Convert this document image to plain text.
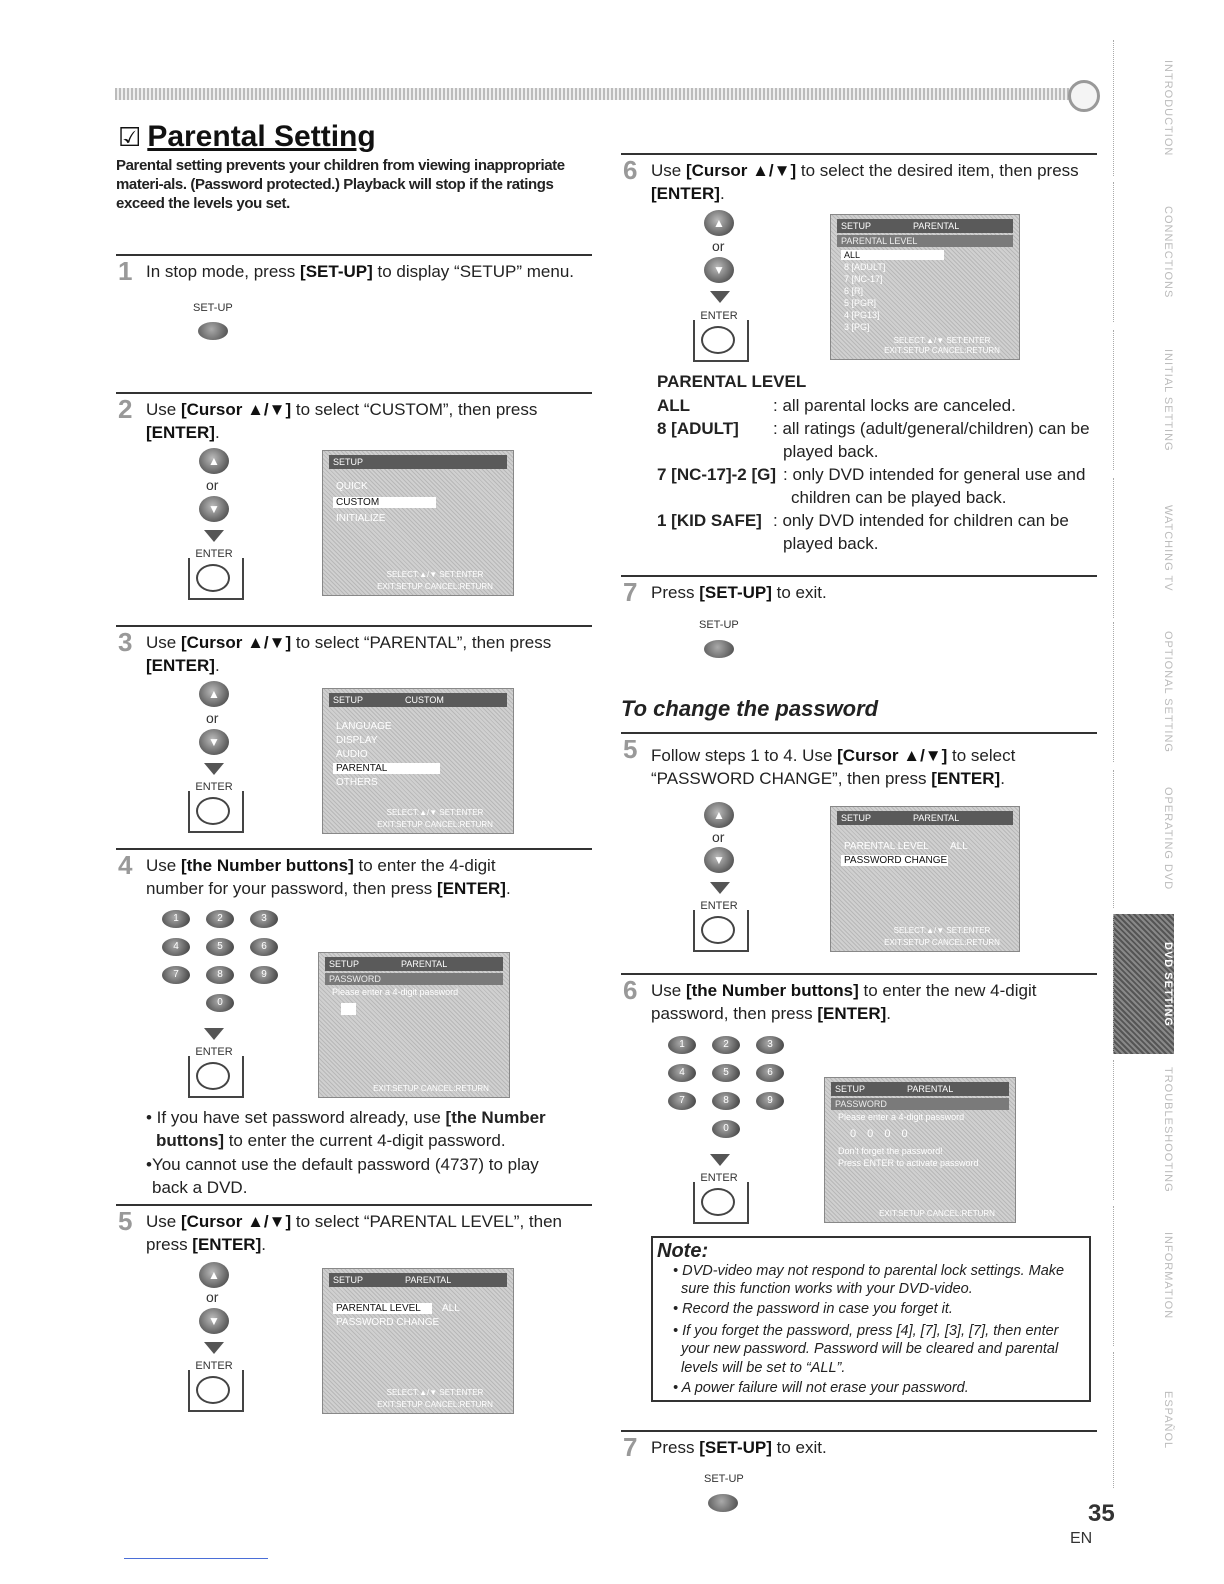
☑ Parental Setting
Parental setting prevents your children from viewing inappropriate materi-als. (Password protected.) Playback will stop if the ratings exceed the levels you set.
1 In stop mode, press [SET-UP] to display “SETUP” menu.
SET-UP
2 Use [Cursor ▲/▼] to select “CUSTOM”, then press
[ENTER].
▲
or
▼
ENTER
SETUP
QUICK
CUSTOM
INITIALIZE
SELECT:▲/▼ SET:ENTER
EXIT:SETUP CANCEL:RETURN
3 Use [Cursor ▲/▼] to select “PARENTAL”, then press
[ENTER].
▲
or
▼
ENTER
SETUP	CUSTOM
LANGUAGE
DISPLAY
AUDIO
PARENTAL
OTHERS
SELECT:▲/▼ SET:ENTER
EXIT:SETUP CANCEL:RETURN
4 Use [the Number buttons] to enter the 4-digit
number for your password, then press [ENTER].
1	2	3
4	5	6
7	8	9
0
ENTER
SETUP	PARENTAL
PASSWORD
Please enter a 4-digit password
EXIT:SETUP CANCEL:RETURN
• If you have set password already, use [the Number
buttons] to enter the current 4-digit password.
•You cannot use the default password (4737) to play
back a DVD.
5 Use [Cursor ▲/▼] to select “PARENTAL LEVEL”, then
press [ENTER].
▲
or
▼
ENTER
SETUP	PARENTAL
PARENTAL LEVEL	ALL
PASSWORD CHANGE
SELECT:▲/▼ SET:ENTER
EXIT:SETUP CANCEL:RETURN
6 Use [Cursor ▲/▼] to select the desired item, then press
[ENTER].
▲
or
▼
ENTER
SETUP	PARENTAL
PARENTAL LEVEL
ALL
8 [ADULT]
7 [NC-17]
6 [R]
5 [PGR]
4 [PG13]
3 [PG]
SELECT:▲/▼ SET:ENTER
EXIT:SETUP CANCEL:RETURN
PARENTAL LEVEL
ALL	: all parental locks are canceled.
8 [ADULT] : all ratings (adult/general/children) can be played back.
7 [NC-17]-2 [G] : only DVD intended for general use and children can be played back.
1 [KID SAFE] : only DVD intended for children can be played back.
7 Press [SET-UP] to exit.
SET-UP
To change the password
5 Follow steps 1 to 4. Use [Cursor ▲/▼] to select
“PASSWORD CHANGE”, then press [ENTER].
▲
or
▼
ENTER
SETUP	PARENTAL
PARENTAL LEVEL	ALL
PASSWORD CHANGE
SELECT:▲/▼ SET:ENTER
EXIT:SETUP CANCEL:RETURN
6 Use [the Number buttons] to enter the new 4-digit
password, then press [ENTER].
1	2	3
4	5	6
7	8	9
0
ENTER
SETUP	PARENTAL
PASSWORD
Please enter a 4-digit password
0 0 0 0
Don't forget the password!
Press ENTER to activate password
EXIT:SETUP CANCEL:RETURN
Note:
• DVD-video may not respond to parental lock settings. Make
sure this function works with your DVD-video.
• Record the password in case you forget it.
• If you forget the password, press [4], [7], [3], [7], then enter
your new password. Password will be cleared and parental
levels will be set to “ALL”.
• A power failure will not erase your password.
7 Press [SET-UP] to exit.
SET-UP
INTRODUCTION
CONNECTIONS
INITIAL SETTING
WATCHING TV
OPTIONAL SETTING
OPERATING DVD
DVD SETTING
TROUBLESHOOTING
INFORMATION
ESPAÑOL
35
EN
